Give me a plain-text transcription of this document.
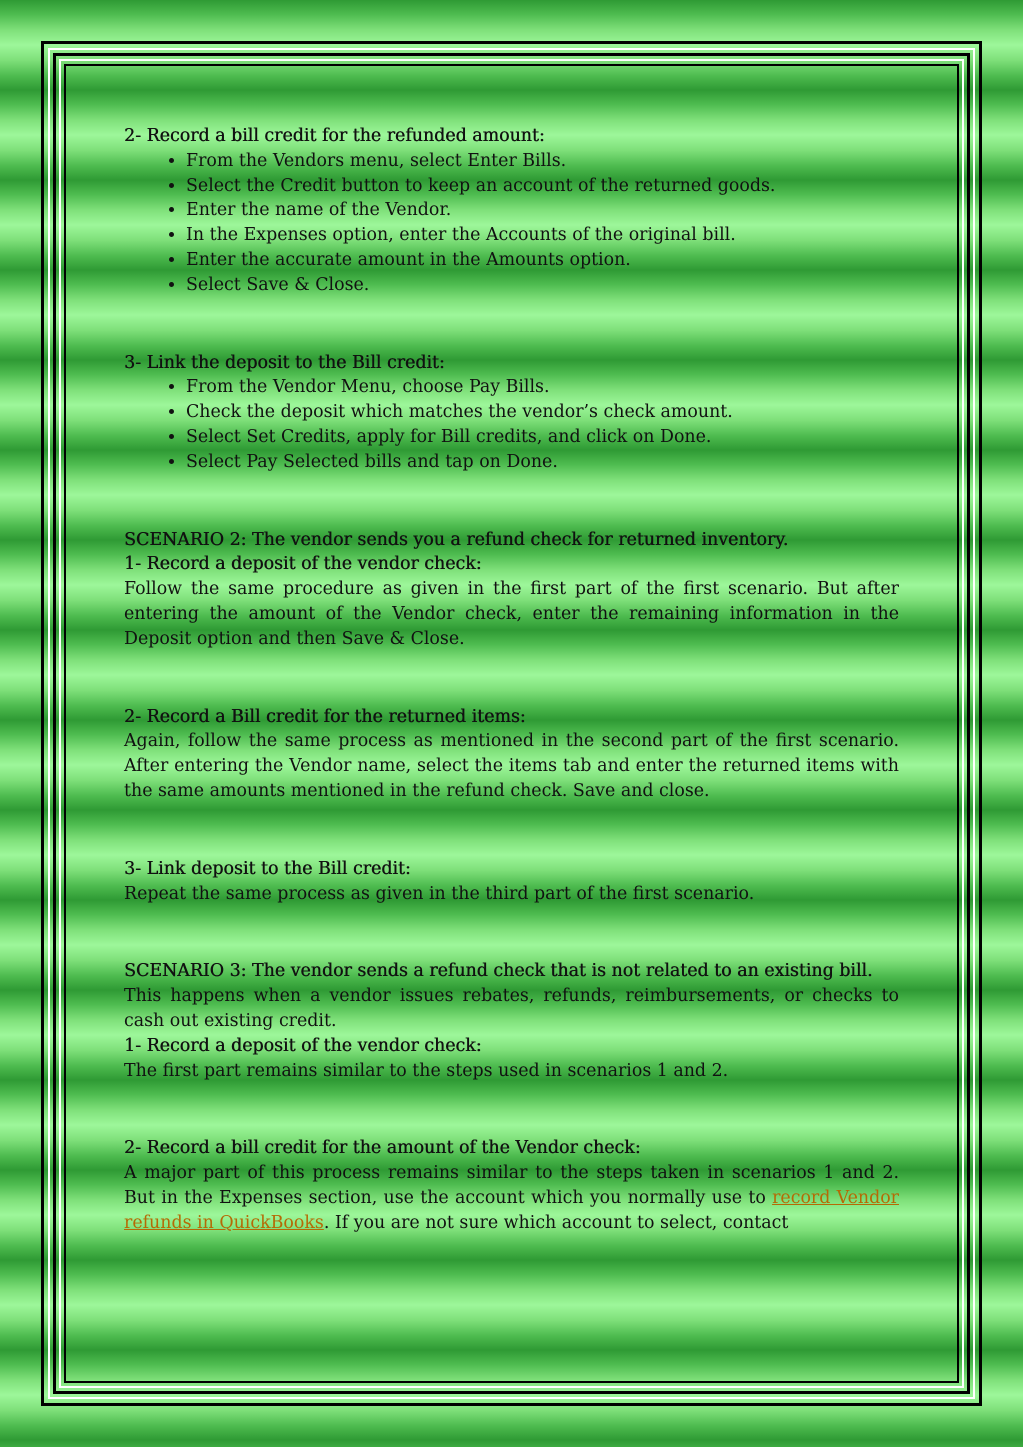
2- Record a bill credit for the refunded amount:
• From the Vendors menu, select Enter Bills.
• Select the Credit button to keep an account of the returned goods.
• Enter the name of the Vendor.
• In the Expenses option, enter the Accounts of the original bill.
• Enter the accurate amount in the Amounts option.
• Select Save & Close.
3- Link the deposit to the Bill credit:
• From the Vendor Menu, choose Pay Bills.
• Check the deposit which matches the vendor’s check amount.
• Select Set Credits, apply for Bill credits, and click on Done.
• Select Pay Selected bills and tap on Done.
SCENARIO 2: The vendor sends you a refund check for returned inventory.
1- Record a deposit of the vendor check:

Follow the same procedure as given in the first part of the first scenario. But after entering the amount of the Vendor check, enter the remaining information in the Deposit option and then Save & Close.

2- Record a Bill credit for the returned items:

Again, follow the same process as mentioned in the second part of the first scenario. After entering the Vendor name, select the items tab and enter the returned items with the same amounts mentioned in the refund check. Save and close.

3- Link deposit to the Bill credit:

Repeat the same process as given in the third part of the first scenario.

SCENARIO 3: The vendor sends a refund check that is not related to an existing bill.

This happens when a vendor issues rebates, refunds, reimbursements, or checks to cash out existing credit.

1- Record a deposit of the vendor check:

The first part remains similar to the steps used in scenarios 1 and 2.

2- Record a bill credit for the amount of the Vendor check:

A major part of this process remains similar to the steps taken in scenarios 1 and 2. But in the Expenses section, use the account which you normally use to record Vendor refunds in QuickBooks. If you are not sure which account to select, contact
